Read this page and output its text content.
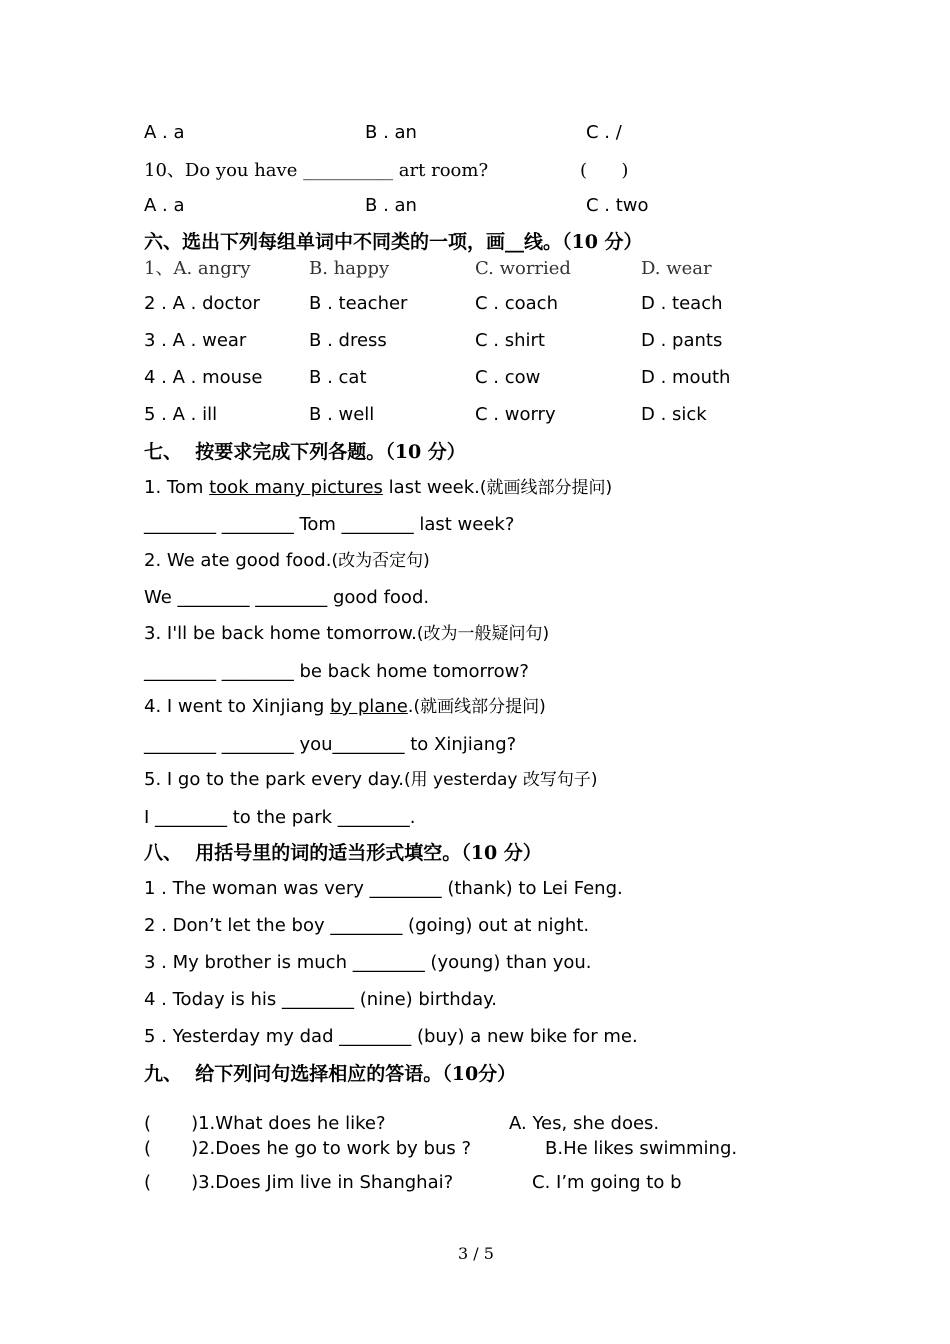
A . a	B . an	C . /
10、Do you have __________ art room?	(      )
A . a	B . an	C . two
六、选出下列每组单词中不同类的一项，画__线。（10 分）
1、A. angry	B. happy	C. worried	D. wear
2 . A . doctor	B . teacher	C . coach	D . teach
3 . A . wear	B . dress	C . shirt	D . pants
4 . A . mouse	B . cat	C . cow	D . mouth
5 . A . ill	B . well	C . worry	D . sick
七、  按要求完成下列各题。（10 分）
1. Tom took many pictures last week.(就画线部分提问)
________ ________ Tom ________ last week?
2. We ate good food.(改为否定句)
We ________ ________ good food.
3. I'll be back home tomorrow.(改为一般疑问句)
________ ________ be back home tomorrow?
4. I went to Xinjiang by plane.(就画线部分提问)
________ ________ you________ to Xinjiang?
5. I go to the park every day.(用 yesterday 改写句子)
I ________ to the park ________.
八、  用括号里的词的适当形式填空。（10 分）
1 . The woman was very ________ (thank) to Lei Feng.
2 . Don’t let the boy ________ (going) out at night.
3 . My brother is much ________ (young) than you.
4 . Today is his ________ (nine) birthday.
5 . Yesterday my dad ________ (buy) a new bike for me.
九、  给下列问句选择相应的答语。（10分）
(       )1.What does he like?	A. Yes, she does.
(       )2.Does he go to work by bus ?	B.He likes swimming.
(       )3.Does Jim live in Shanghai?	C. I’m going to b
3 / 5
